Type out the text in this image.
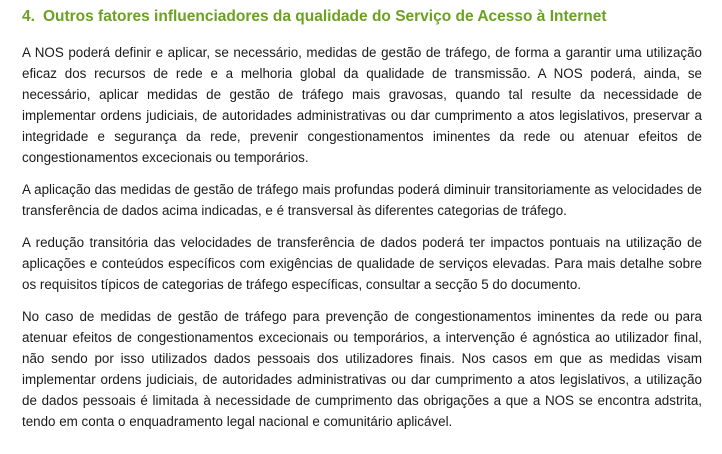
4. Outros fatores influenciadores da qualidade do Serviço de Acesso à Internet

A NOS poderá definir e aplicar, se necessário, medidas de gestão de tráfego, de forma a garantir uma utilização eficaz dos recursos de rede e a melhoria global da qualidade de transmissão. A NOS poderá, ainda, se necessário, aplicar medidas de gestão de tráfego mais gravosas, quando tal resulte da necessidade de implementar ordens judiciais, de autoridades administrativas ou dar cumprimento a atos legislativos, preservar a integridade e segurança da rede, prevenir congestionamentos iminentes da rede ou atenuar efeitos de congestionamentos excecionais ou temporários.

A aplicação das medidas de gestão de tráfego mais profundas poderá diminuir transitoriamente as velocidades de transferência de dados acima indicadas, e é transversal às diferentes categorias de tráfego.

A redução transitória das velocidades de transferência de dados poderá ter impactos pontuais na utilização de aplicações e conteúdos específicos com exigências de qualidade de serviços elevadas. Para mais detalhe sobre os requisitos típicos de categorias de tráfego específicas, consultar a secção 5 do documento.

No caso de medidas de gestão de tráfego para prevenção de congestionamentos iminentes da rede ou para atenuar efeitos de congestionamentos excecionais ou temporários, a intervenção é agnóstica ao utilizador final, não sendo por isso utilizados dados pessoais dos utilizadores finais. Nos casos em que as medidas visam implementar ordens judiciais, de autoridades administrativas ou dar cumprimento a atos legislativos, a utilização de dados pessoais é limitada à necessidade de cumprimento das obrigações a que a NOS se encontra adstrita, tendo em conta o enquadramento legal nacional e comunitário aplicável.
